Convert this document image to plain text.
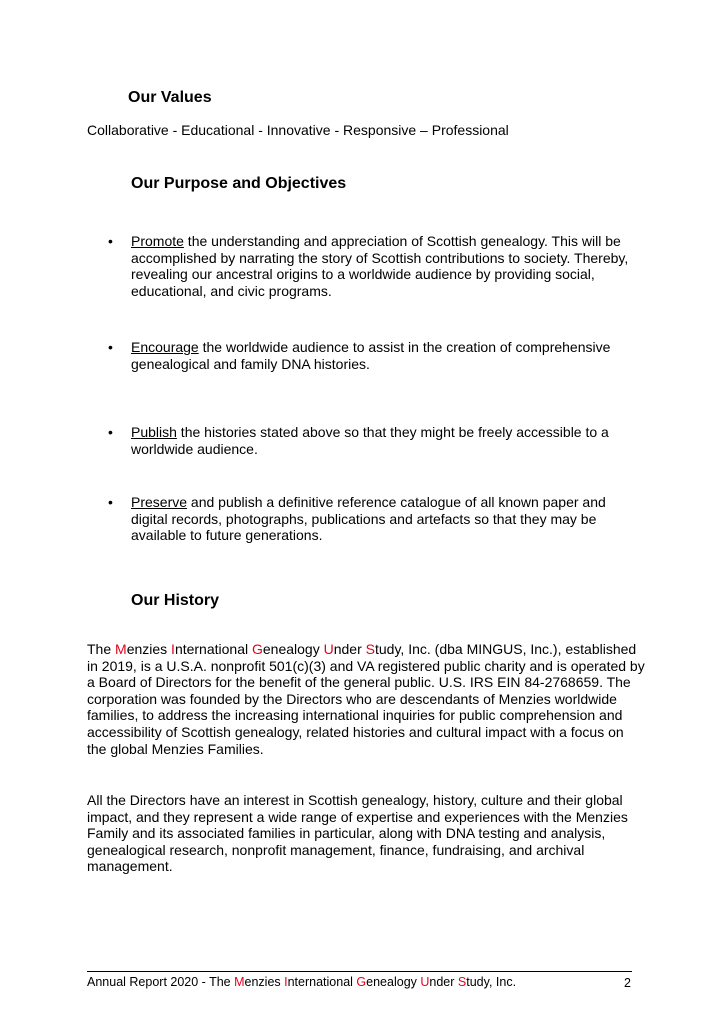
Our Values
Collaborative - Educational - Innovative - Responsive – Professional
Our Purpose and Objectives
•	Promote the understanding and appreciation of Scottish genealogy. This will be accomplished by narrating the story of Scottish contributions to society. Thereby, revealing our ancestral origins to a worldwide audience by providing social, educational, and civic programs.
•	Encourage the worldwide audience to assist in the creation of comprehensive genealogical and family DNA histories.
•	Publish the histories stated above so that they might be freely accessible to a worldwide audience.
•	Preserve and publish a definitive reference catalogue of all known paper and digital records, photographs, publications and artefacts so that they may be available to future generations.
Our History
The Menzies International Genealogy Under Study, Inc. (dba MINGUS, Inc.), established in 2019, is a U.S.A. nonprofit 501(c)(3) and VA registered public charity and is operated by a Board of Directors for the benefit of the general public. U.S. IRS EIN 84-2768659. The corporation was founded by the Directors who are descendants of Menzies worldwide families, to address the increasing international inquiries for public comprehension and accessibility of Scottish genealogy, related histories and cultural impact with a focus on the global Menzies Families.
All the Directors have an interest in Scottish genealogy, history, culture and their global impact, and they represent a wide range of expertise and experiences with the Menzies Family and its associated families in particular, along with DNA testing and analysis, genealogical research, nonprofit management, finance, fundraising, and archival management.
Annual Report 2020 - The Menzies International Genealogy Under Study, Inc.	2
